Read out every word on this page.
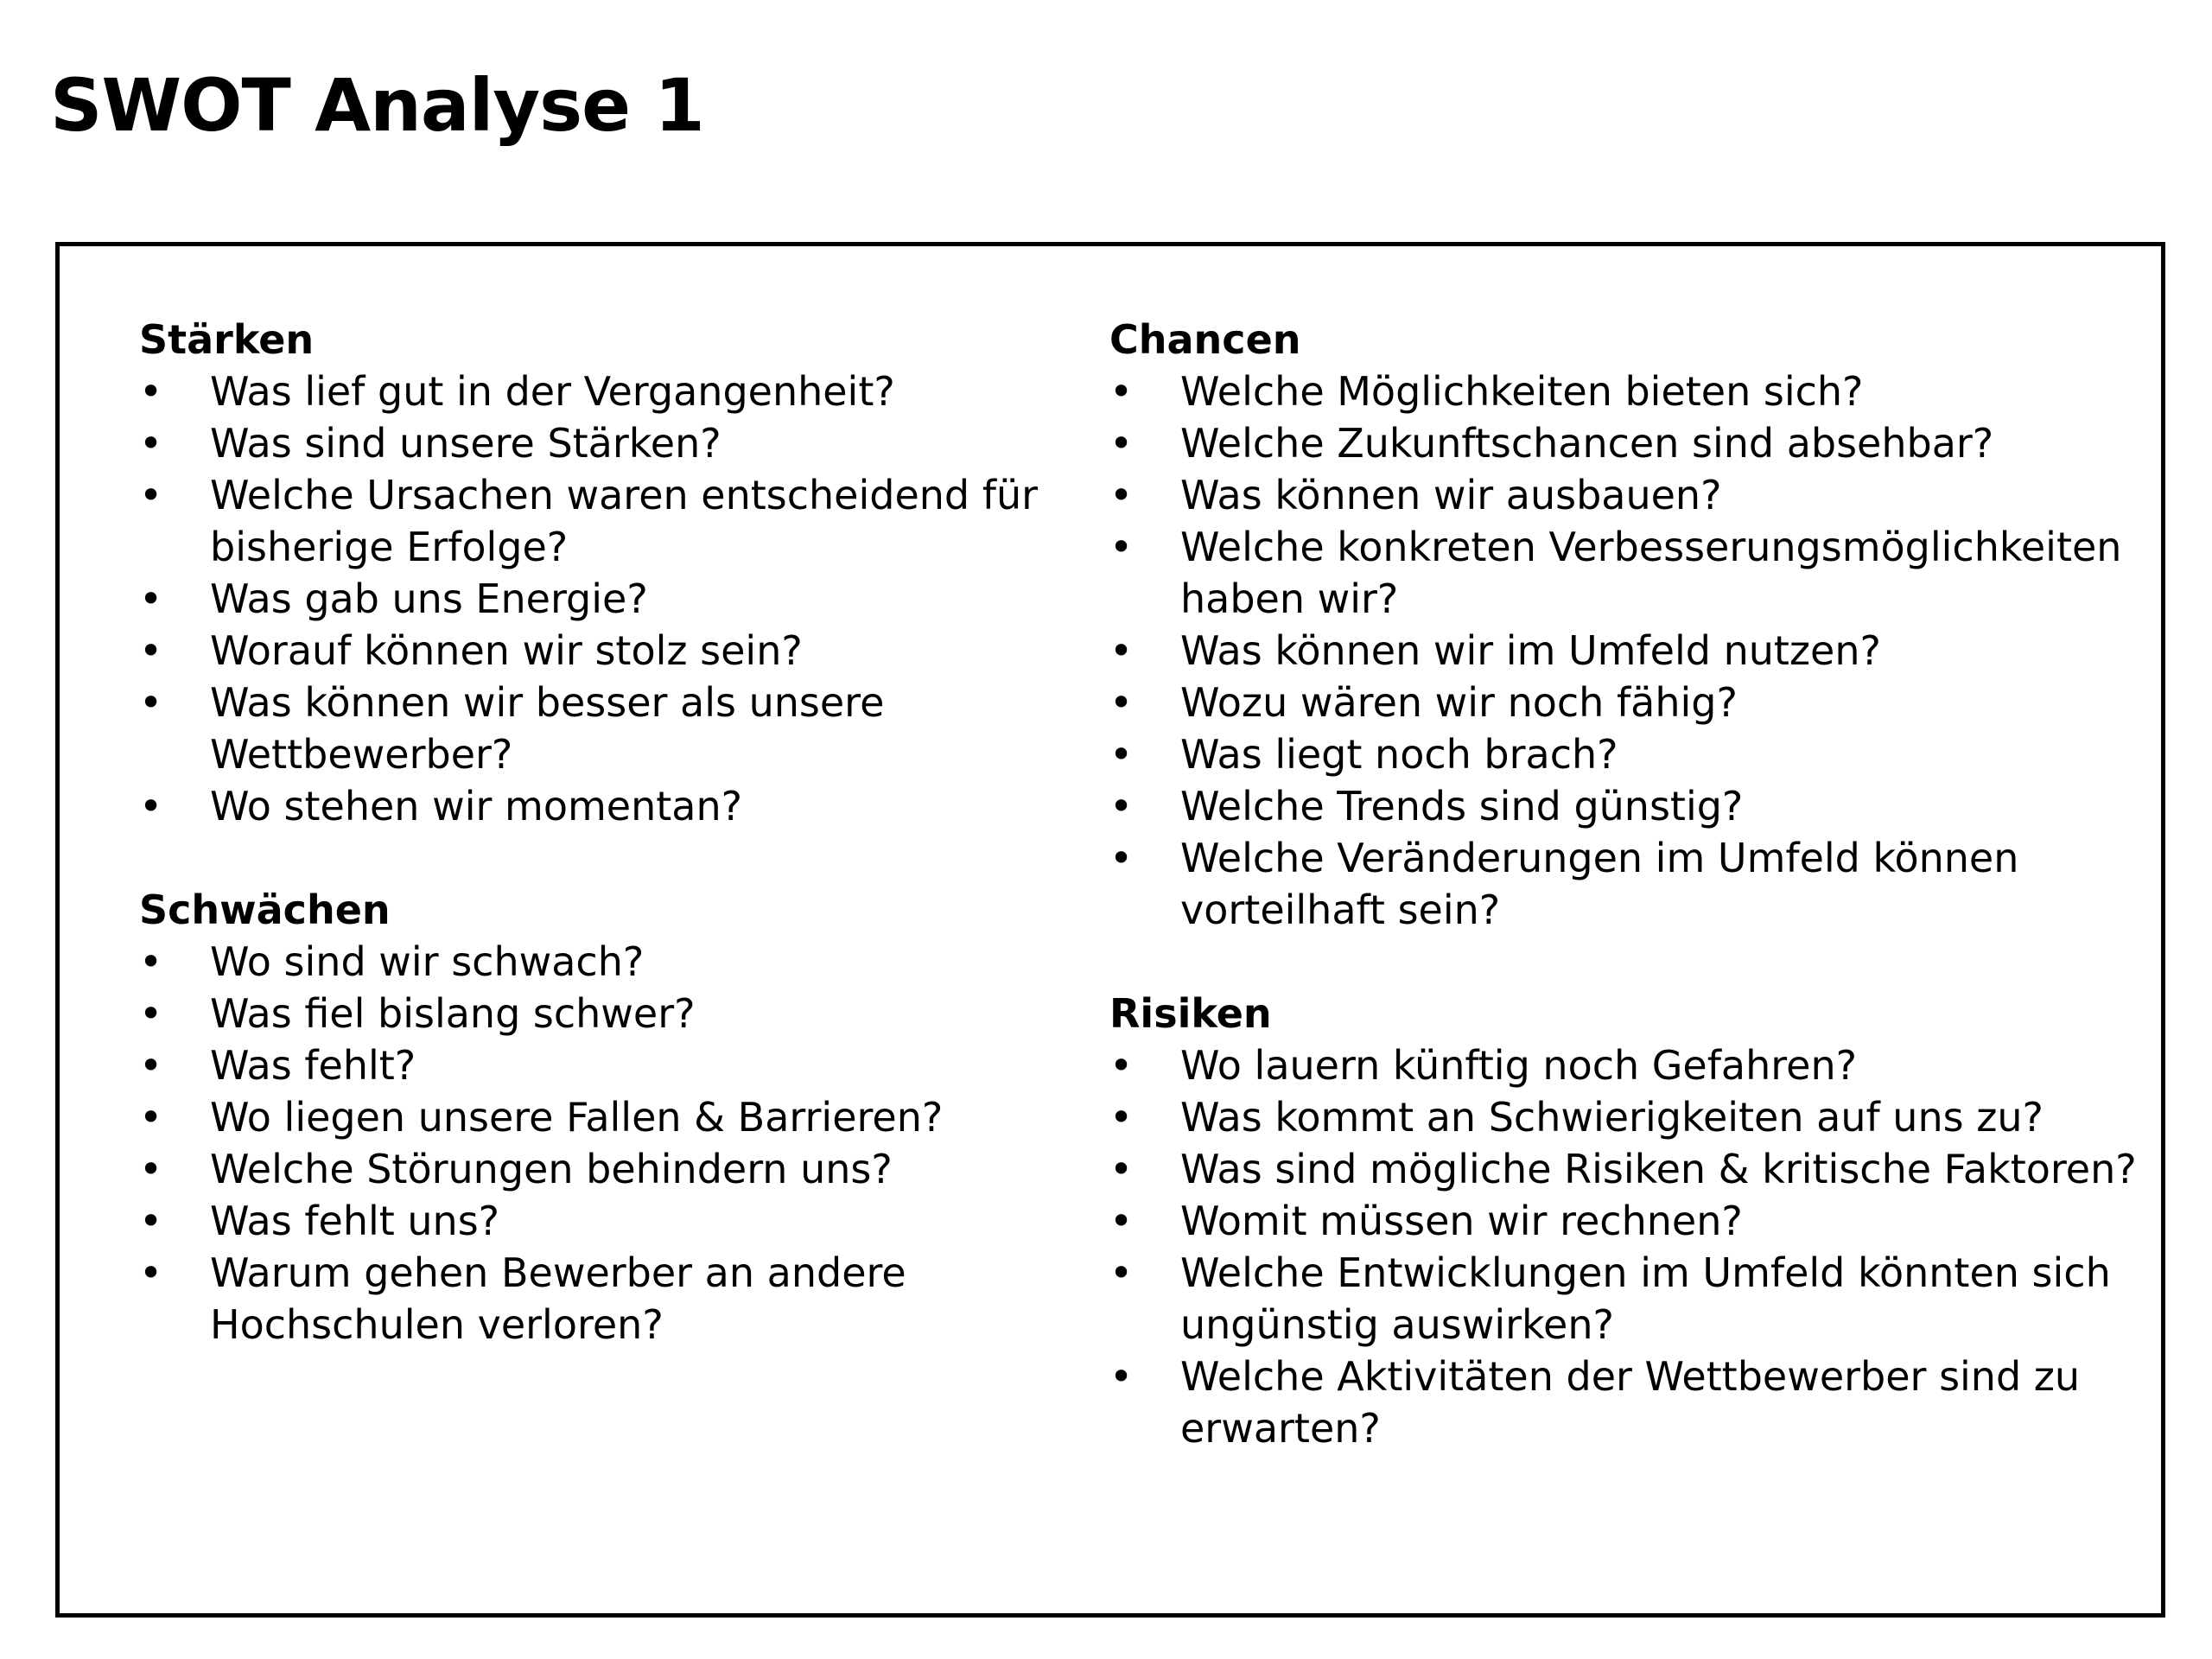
SWOT Analyse 1
Stärken
• Was lief gut in der Vergangenheit?
• Was sind unsere Stärken?
• Welche Ursachen waren entscheidend für bisherige Erfolge?
• Was gab uns Energie?
• Worauf können wir stolz sein?
• Was können wir besser als unsere Wettbewerber?
• Wo stehen wir momentan?
Schwächen
• Wo sind wir schwach?
• Was fiel bislang schwer?
• Was fehlt?
• Wo liegen unsere Fallen & Barrieren?
• Welche Störungen behindern uns?
• Was fehlt uns?
• Warum gehen Bewerber an andere Hochschulen verloren?
Chancen
• Welche Möglichkeiten bieten sich?
• Welche Zukunftschancen sind absehbar?
• Was können wir ausbauen?
• Welche konkreten Verbesserungsmöglichkeiten haben wir?
• Was können wir im Umfeld nutzen?
• Wozu wären wir noch fähig?
• Was liegt noch brach?
• Welche Trends sind günstig?
• Welche Veränderungen im Umfeld können vorteilhaft sein?
Risiken
• Wo lauern künftig noch Gefahren?
• Was kommt an Schwierigkeiten auf uns zu?
• Was sind mögliche Risiken & kritische Faktoren?
• Womit müssen wir rechnen?
• Welche Entwicklungen im Umfeld könnten sich ungünstig auswirken?
• Welche Aktivitäten der Wettbewerber sind zu erwarten?
